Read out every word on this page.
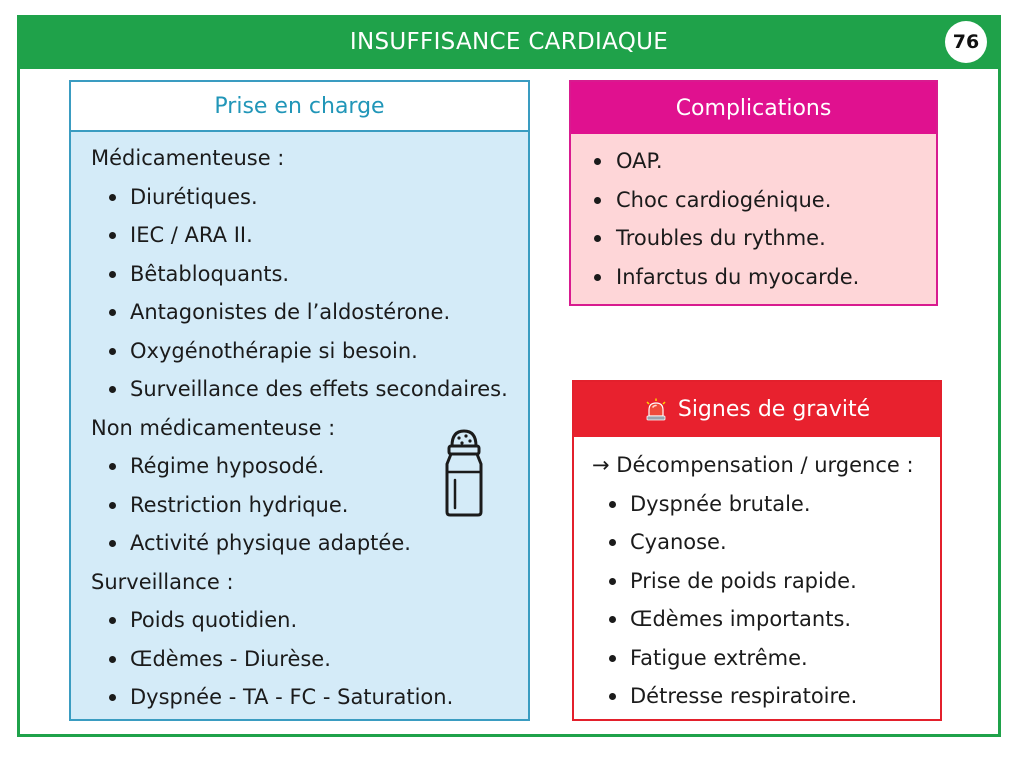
INSUFFISANCE CARDIAQUE	76
Prise en charge
Médicamenteuse :
Diurétiques.
IEC / ARA II.
Bêtabloquants.
Antagonistes de l’aldostérone.
Oxygénothérapie si besoin.
Surveillance des effets secondaires.
Non médicamenteuse :
Régime hyposodé.
Restriction hydrique.
Activité physique adaptée.
Surveillance :
Poids quotidien.
Œdèmes - Diurèse.
Dyspnée - TA - FC - Saturation.
Complications
OAP.
Choc cardiogénique.
Troubles du rythme.
Infarctus du myocarde.
Signes de gravité
→ Décompensation / urgence :
Dyspnée brutale.
Cyanose.
Prise de poids rapide.
Œdèmes importants.
Fatigue extrême.
Détresse respiratoire.
